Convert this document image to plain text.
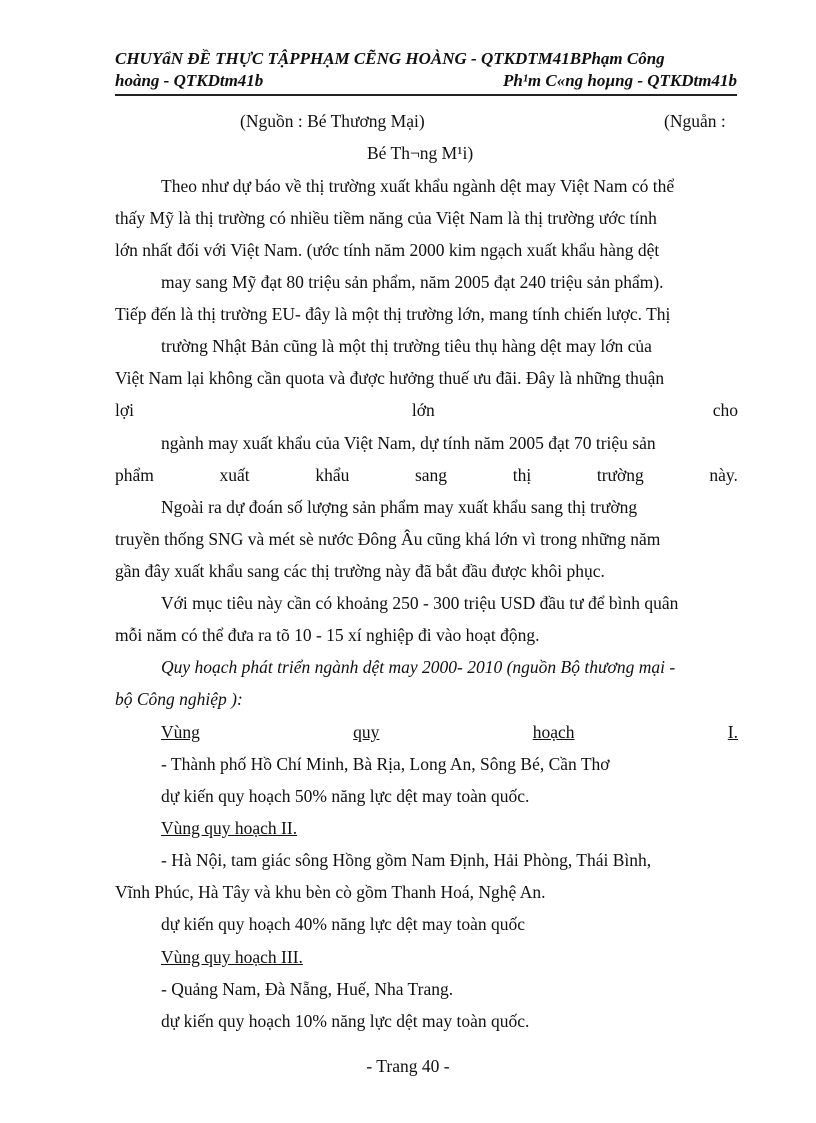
CHUYẩN ĐỀ THỰC TẬPPHẠM CẼNG HOÀNG - QTKDTM41BPhạm Công
hoàng - QTKDtm41b	Ph¹m C«ng hoµng - QTKDtm41b
(Nguồn : Bé Thương Mại)	(Nguån :
Bé Th¬ng M¹i)
Theo như dự báo về thị trường xuất khẩu ngành dệt may Việt Nam có thể
thấy Mỹ là thị trường có nhiều tiềm năng của Việt Nam là thị trường ước tính
lớn nhất đối với Việt Nam. (ước tính năm 2000 kim ngạch xuất khẩu hàng dệt
may sang Mỹ đạt 80 triệu sản phẩm, năm 2005 đạt 240 triệu sản phẩm).
Tiếp đến là thị trường EU- đây là một thị trường lớn, mang tính chiến lược. Thị
trường Nhật Bản cũng là một thị trường tiêu thụ hàng dệt may lớn của
Việt Nam lại không cần quota và được hưởng thuế ưu đãi. Đây là những thuận
lợi	lớn	cho
ngành may xuất khẩu của Việt Nam, dự tính năm 2005 đạt 70 triệu sản
phẩm	xuất	khẩu	sang	thị	trường	này.
Ngoài ra dự đoán số lượng sản phẩm may xuất khẩu sang thị trường
truyền thống SNG và mét sè nước Đông Âu cũng khá lớn vì trong những năm
gần đây xuất khẩu sang các thị trường này đã bắt đầu được khôi phục.
Với mục tiêu này cần có khoảng 250 - 300 triệu USD đầu tư để bình quân
mỗi năm có thể đưa ra tõ 10 - 15 xí nghiệp đi vào hoạt động.
Quy hoạch phát triển ngành dệt may 2000- 2010 (nguồn Bộ thương mại -
bộ Công nghiệp ):
Vùng	quy	hoạch	I.
- Thành phố Hồ Chí Minh, Bà Rịa, Long An, Sông Bé, Cần Thơ
dự kiến quy hoạch 50% năng lực dệt may toàn quốc.
Vùng quy hoạch II.
- Hà Nội, tam giác sông Hồng gồm Nam Định, Hải Phòng, Thái Bình,
Vĩnh Phúc, Hà Tây và khu bèn cò gồm Thanh Hoá, Nghệ An.
dự kiến quy hoạch 40% năng lực dệt may toàn quốc
Vùng quy hoạch III.
- Quảng Nam, Đà Nẵng, Huế, Nha Trang.
dự kiến quy hoạch 10% năng lực dệt may toàn quốc.
- Trang 40 -
